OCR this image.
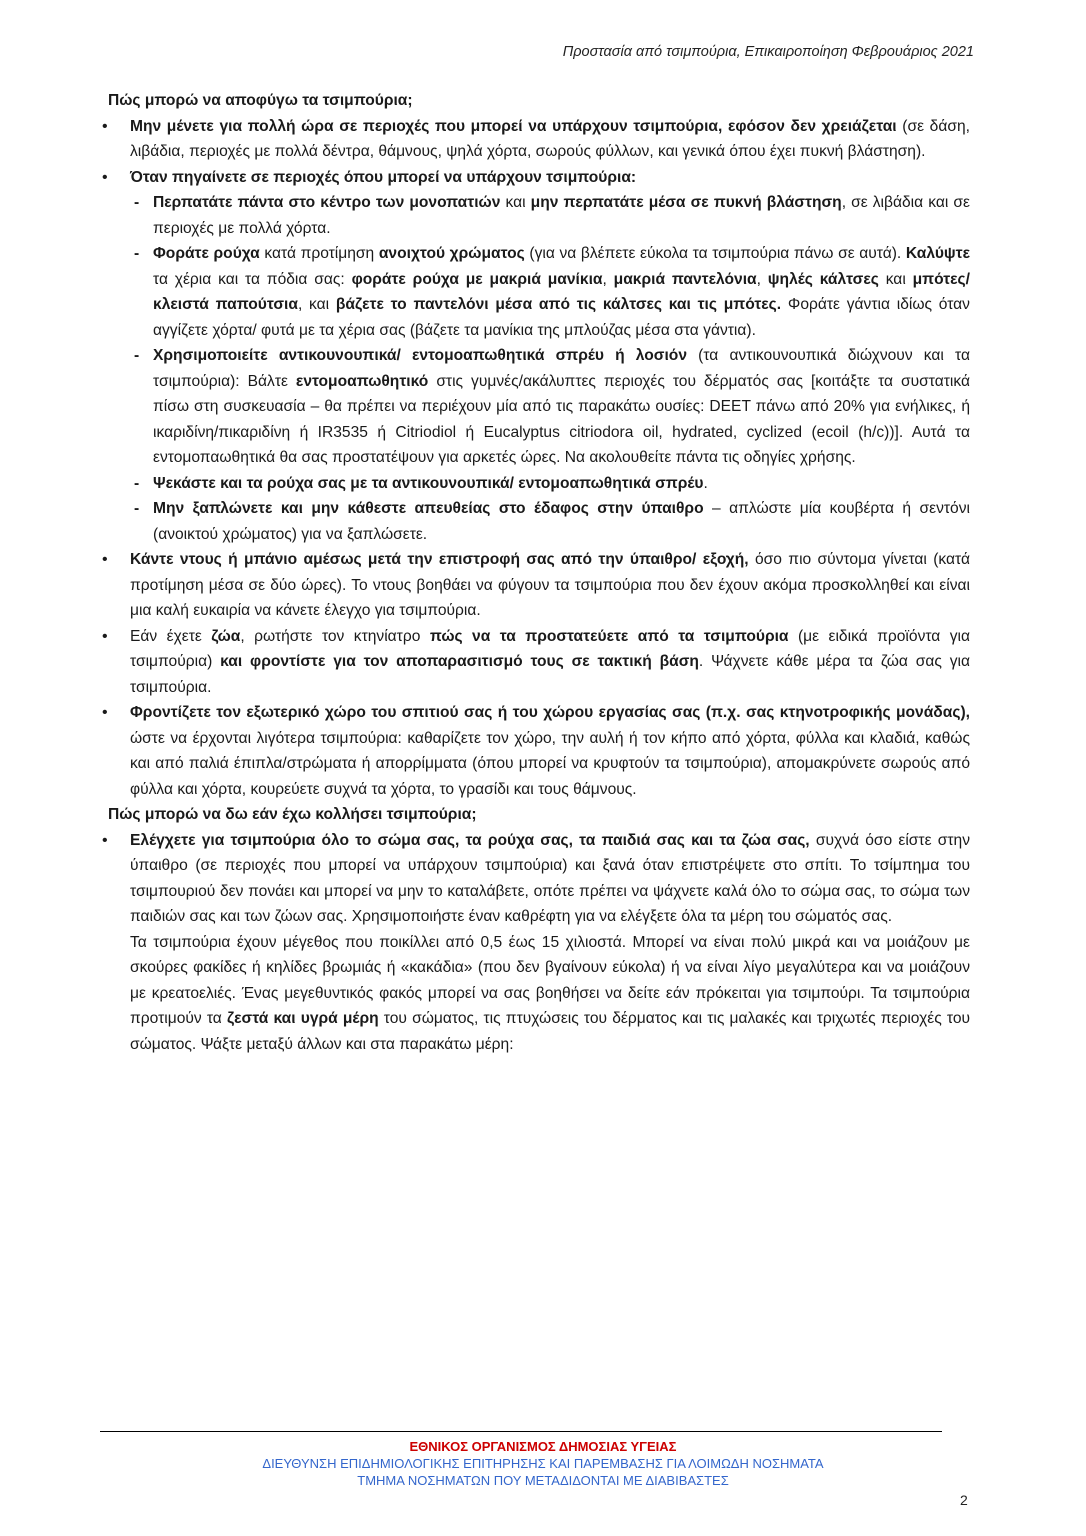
Προστασία από τσιμπούρια, Επικαιροποίηση Φεβρουάριος 2021

Πώς μπορώ να αποφύγω τα τσιμπούρια;

• Μην μένετε για πολλή ώρα σε περιοχές που μπορεί να υπάρχουν τσιμπούρια, εφόσον δεν χρειάζεται (σε δάση, λιβάδια, περιοχές με πολλά δέντρα, θάμνους, ψηλά χόρτα, σωρούς φύλλων, και γενικά όπου έχει πυκνή βλάστηση).

• Όταν πηγαίνετε σε περιοχές όπου μπορεί να υπάρχουν τσιμπούρια:

- Περπατάτε πάντα στο κέντρο των μονοπατιών και μην περπατάτε μέσα σε πυκνή βλάστηση, σε λιβάδια και σε περιοχές με πολλά χόρτα.

- Φοράτε ρούχα κατά προτίμηση ανοιχτού χρώματος (για να βλέπετε εύκολα τα τσιμπούρια πάνω σε αυτά). Καλύψτε τα χέρια και τα πόδια σας: φοράτε ρούχα με μακριά μανίκια, μακριά παντελόνια, ψηλές κάλτσες και μπότες/ κλειστά παπούτσια, και βάζετε το παντελόνι μέσα από τις κάλτσες και τις μπότες. Φοράτε γάντια ιδίως όταν αγγίζετε χόρτα/ φυτά με τα χέρια σας (βάζετε τα μανίκια της μπλούζας μέσα στα γάντια).

- Χρησιμοποιείτε αντικουνουπικά/ εντομοαπωθητικά σπρέυ ή λοσιόν (τα αντικουνουπικά διώχνουν και τα τσιμπούρια): Βάλτε εντομοαπωθητικό στις γυμνές/ακάλυπτες περιοχές του δέρματός σας [κοιτάξτε τα συστατικά πίσω στη συσκευασία – θα πρέπει να περιέχουν μία από τις παρακάτω ουσίες: DEET πάνω από 20% για ενήλικες, ή ικαριδίνη/πικαριδίνη ή IR3535 ή Citriodiol ή Eucalyptus citriodora oil, hydrated, cyclized (ecoil (h/c))]. Αυτά τα εντομοπαωθητικά θα σας προστατέψουν για αρκετές ώρες. Να ακολουθείτε πάντα τις οδηγίες χρήσης.

- Ψεκάστε και τα ρούχα σας με τα αντικουνουπικά/ εντομοαπωθητικά σπρέυ.

- Μην ξαπλώνετε και μην κάθεστε απευθείας στο έδαφος στην ύπαιθρο – απλώστε μία κουβέρτα ή σεντόνι (ανοικτού χρώματος) για να ξαπλώσετε.

• Κάντε ντους ή μπάνιο αμέσως μετά την επιστροφή σας από την ύπαιθρο/ εξοχή, όσο πιο σύντομα γίνεται (κατά προτίμηση μέσα σε δύο ώρες). Το ντους βοηθάει να φύγουν τα τσιμπούρια που δεν έχουν ακόμα προσκολληθεί και είναι μια καλή ευκαιρία να κάνετε έλεγχο για τσιμπούρια.

• Εάν έχετε ζώα, ρωτήστε τον κτηνίατρο πώς να τα προστατεύετε από τα τσιμπούρια (με ειδικά προϊόντα για τσιμπούρια) και φροντίστε για τον αποπαρασιτισμό τους σε τακτική βάση. Ψάχνετε κάθε μέρα τα ζώα σας για τσιμπούρια.

• Φροντίζετε τον εξωτερικό χώρο του σπιτιού σας ή του χώρου εργασίας σας (π.χ. σας κτηνοτροφικής μονάδας), ώστε να έρχονται λιγότερα τσιμπούρια: καθαρίζετε τον χώρο, την αυλή ή τον κήπο από χόρτα, φύλλα και κλαδιά, καθώς και από παλιά έπιπλα/στρώματα ή απορρίμματα (όπου μπορεί να κρυφτούν τα τσιμπούρια), απομακρύνετε σωρούς από φύλλα και χόρτα, κουρεύετε συχνά τα χόρτα, το γρασίδι και τους θάμνους.

Πώς μπορώ να δω εάν έχω κολλήσει τσιμπούρια;

• Ελέγχετε για τσιμπούρια όλο το σώμα σας, τα ρούχα σας, τα παιδιά σας και τα ζώα σας, συχνά όσο είστε στην ύπαιθρο (σε περιοχές που μπορεί να υπάρχουν τσιμπούρια) και ξανά όταν επιστρέψετε στο σπίτι. Το τσίμπημα του τσιμπουριού δεν πονάει και μπορεί να μην το καταλάβετε, οπότε πρέπει να ψάχνετε καλά όλο το σώμα σας, το σώμα των παιδιών σας και των ζώων σας. Χρησιμοποιήστε έναν καθρέφτη για να ελέγξετε όλα τα μέρη του σώματός σας.

Τα τσιμπούρια έχουν μέγεθος που ποικίλλει από 0,5 έως 15 χιλιοστά. Μπορεί να είναι πολύ μικρά και να μοιάζουν με σκούρες φακίδες ή κηλίδες βρωμιάς ή «κακάδια» (που δεν βγαίνουν εύκολα) ή να είναι λίγο μεγαλύτερα και να μοιάζουν με κρεατοελιές. Ένας μεγεθυντικός φακός μπορεί να σας βοηθήσει να δείτε εάν πρόκειται για τσιμπούρι. Τα τσιμπούρια προτιμούν τα ζεστά και υγρά μέρη του σώματος, τις πτυχώσεις του δέρματος και τις μαλακές και τριχωτές περιοχές του σώματος. Ψάξτε μεταξύ άλλων και στα παρακάτω μέρη:

ΕΘΝΙΚΟΣ ΟΡΓΑΝΙΣΜΟΣ ΔΗΜΟΣΙΑΣ ΥΓΕΙΑΣ
ΔΙΕΥΘΥΝΣΗ ΕΠΙΔΗΜΙΟΛΟΓΙΚΗΣ ΕΠΙΤΗΡΗΣΗΣ ΚΑΙ ΠΑΡΕΜΒΑΣΗΣ ΓΙΑ ΛΟΙΜΩΔΗ ΝΟΣΗΜΑΤΑ
ΤΜΗΜΑ ΝΟΣΗΜΑΤΩΝ ΠΟΥ ΜΕΤΑΔΙΔΟΝΤΑΙ ΜΕ ΔΙΑΒΙΒΑΣΤΕΣ
2
